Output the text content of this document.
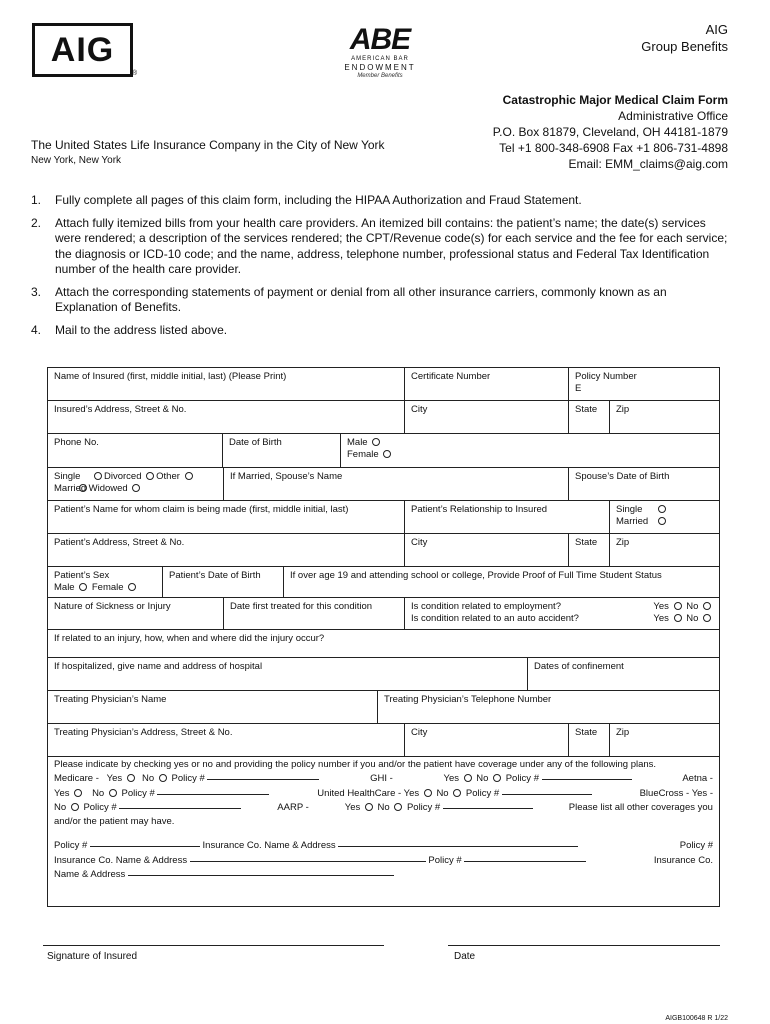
AIG
®
ABE
AMERICAN BAR
ENDOWMENT
Member Benefits
AIG
Group Benefits
Catastrophic Major Medical Claim Form
Administrative Office
P.O. Box 81879, Cleveland, OH 44181-1879
Tel +1 800-348-6908 Fax +1 806-731-4898
Email: EMM_claims@aig.com
The United States Life Insurance Company in the City of New York
New York, New York
1.	Fully complete all pages of this claim form, including the HIPAA Authorization and Fraud Statement.
2.	Attach fully itemized bills from your health care providers. An itemized bill contains: the patient’s name; the date(s) services were rendered; a description of the services rendered; the CPT/Revenue code(s) for each service and the fee for each service; the diagnosis or ICD-10 code; and the name, address, telephone number, professional status and Federal Tax Identification number of the health care provider.
3.	Attach the corresponding statements of payment or denial from all other insurance carriers, commonly known as an Explanation of Benefits.
4.	Mail to the address listed above.
Name of Insured (first, middle initial, last) (Please Print)	Certificate Number	Policy Number
E
Insured’s Address, Street & No.	City	State	Zip
Phone No.	Date of Birth	Male
Female
Single Divorced Other
Married Widowed
If Married, Spouse’s Name	Spouse’s Date of Birth
Patient’s Name for whom claim is being made (first, middle initial, last)	Patient’s Relationship to Insured	Single
Married
Patient’s Address, Street & No.	City	State	Zip
Patient’s Sex
Male Female
Patient’s Date of Birth	If over age 19 and attending school or college, Provide Proof of Full Time Student Status
Nature of Sickness or Injury	Date first treated for this condition	Is condition related to employment?	Yes No
Is condition related to an auto accident?	Yes No
If related to an injury, how, when and where did the injury occur?
If hospitalized, give name and address of hospital	Dates of confinement
Treating Physician’s Name	Treating Physician’s Telephone Number
Treating Physician’s Address, Street & No.	City	State	Zip
Please indicate by checking yes or no and providing the policy number if you and/or the patient have coverage under any of the following plans.
Medicare - Yes No Policy #	GHI -	Yes No Policy #	Aetna -
Yes No Policy #	United HealthCare - Yes No Policy #	BlueCross - Yes -
No Policy #	AARP -	Yes No Policy #	Please list all other coverages you
and/or the patient may have.
Policy #	Insurance Co. Name & Address	Policy #
Insurance Co. Name & Address	Policy #	Insurance Co.
Name & Address
Signature of Insured	Date
AIGB100648 R 1/22
